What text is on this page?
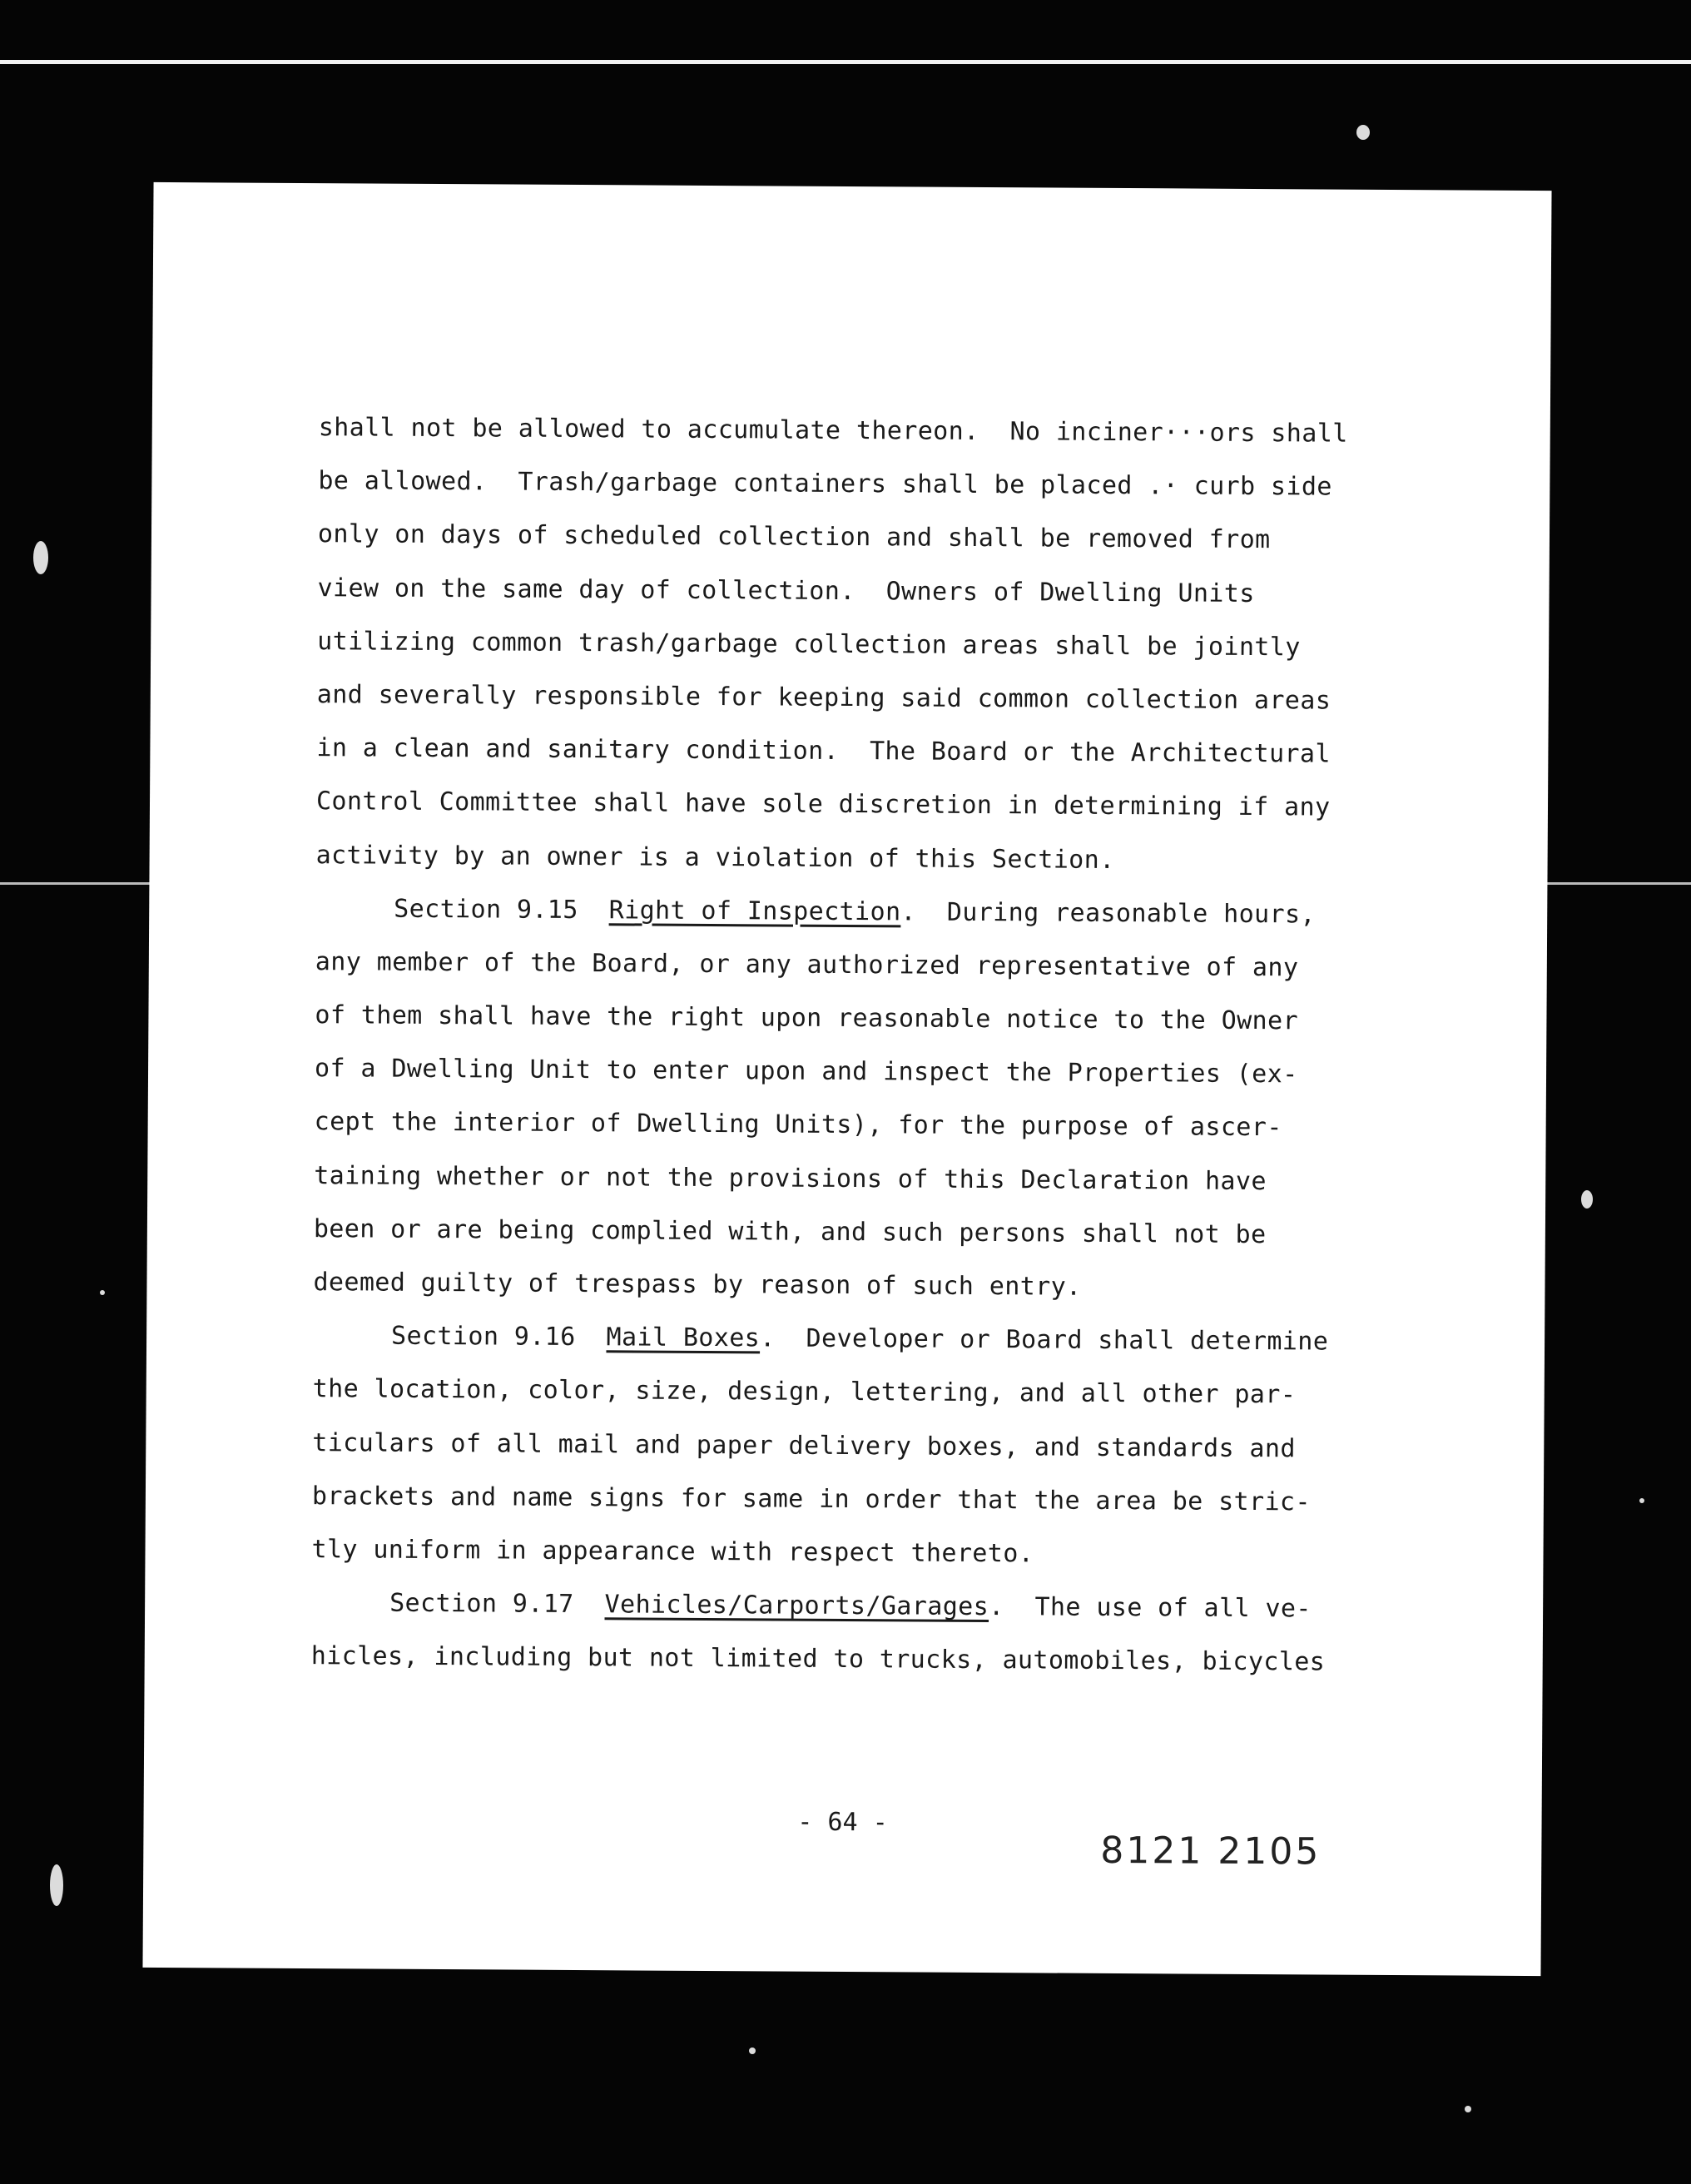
shall not be allowed to accumulate thereon.  No inciner···ors shall
be allowed.  Trash/garbage containers shall be placed .· curb side
only on days of scheduled collection and shall be removed from
view on the same day of collection.  Owners of Dwelling Units
utilizing common trash/garbage collection areas shall be jointly
and severally responsible for keeping said common collection areas
in a clean and sanitary condition.  The Board or the Architectural
Control Committee shall have sole discretion in determining if any
activity by an owner is a violation of this Section.
Section 9.15  Right of Inspection.  During reasonable hours,
any member of the Board, or any authorized representative of any
of them shall have the right upon reasonable notice to the Owner
of a Dwelling Unit to enter upon and inspect the Properties (ex-
cept the interior of Dwelling Units), for the purpose of ascer-
taining whether or not the provisions of this Declaration have
been or are being complied with, and such persons shall not be
deemed guilty of trespass by reason of such entry.
Section 9.16  Mail Boxes.  Developer or Board shall determine
the location, color, size, design, lettering, and all other par-
ticulars of all mail and paper delivery boxes, and standards and
brackets and name signs for same in order that the area be stric-
tly uniform in appearance with respect thereto.
Section 9.17  Vehicles/Carports/Garages.  The use of all ve-
hicles, including but not limited to trucks, automobiles, bicycles
- 64 -
8121 2105
